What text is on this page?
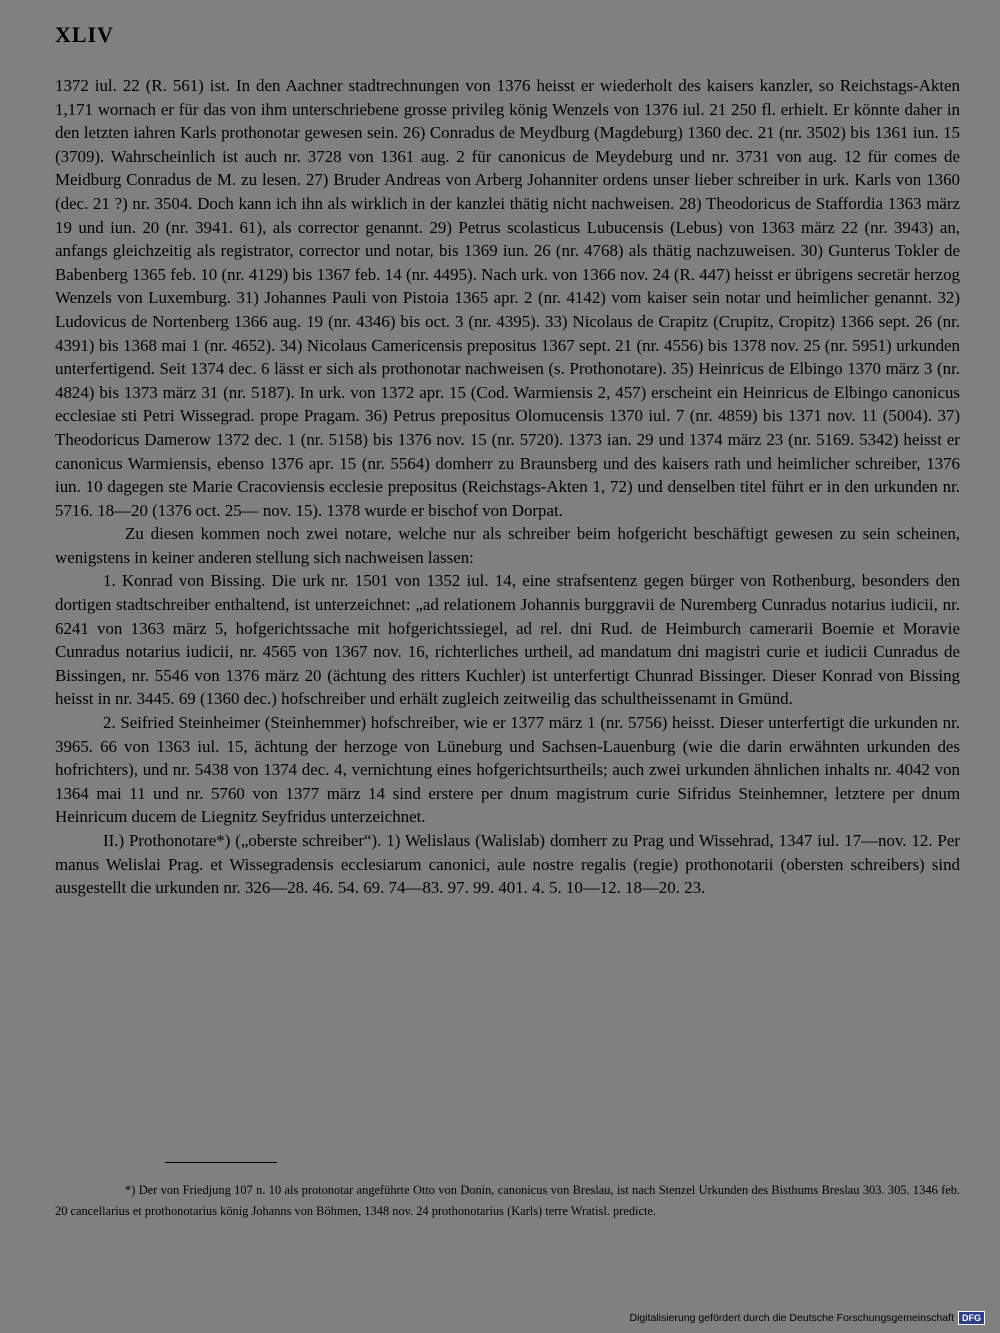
XLIV

1372 iul. 22 (R. 561) ist. In den Aachner stadtrechnungen von 1376 heisst er wiederholt des kaisers kanzler, so Reichstags-Akten 1,171 wornach er für das von ihm unterschriebene grosse privileg könig Wenzels von 1376 iul. 21 250 fl. erhielt. Er könnte daher in den letzten iahren Karls prothonotar gewesen sein. 26) Conradus de Meydburg (Magdeburg) 1360 dec. 21 (nr. 3502) bis 1361 iun. 15 (3709). Wahrscheinlich ist auch nr. 3728 von 1361 aug. 2 für canonicus de Meydeburg und nr. 3731 von aug. 12 für comes de Meidburg Conradus de M. zu lesen. 27) Bruder Andreas von Arberg Johanniter ordens unser lieber schreiber in urk. Karls von 1360 (dec. 21 ?) nr. 3504. Doch kann ich ihn als wirklich in der kanzlei thätig nicht nachweisen. 28) Theodoricus de Staffordia 1363 märz 19 und iun. 20 (nr. 3941. 61), als corrector genannt. 29) Petrus scolasticus Lubucensis (Lebus) von 1363 märz 22 (nr. 3943) an, anfangs gleichzeitig als registrator, corrector und notar, bis 1369 iun. 26 (nr. 4768) als thätig nachzuweisen. 30) Gunterus Tokler de Babenberg 1365 feb. 10 (nr. 4129) bis 1367 feb. 14 (nr. 4495). Nach urk. von 1366 nov. 24 (R. 447) heisst er übrigens secretär herzog Wenzels von Luxemburg. 31) Johannes Pauli von Pistoia 1365 apr. 2 (nr. 4142) vom kaiser sein notar und heimlicher genannt. 32) Ludovicus de Nortenberg 1366 aug. 19 (nr. 4346) bis oct. 3 (nr. 4395). 33) Nicolaus de Crapitz (Crupitz, Cropitz) 1366 sept. 26 (nr. 4391) bis 1368 mai 1 (nr. 4652). 34) Nicolaus Camericensis prepositus 1367 sept. 21 (nr. 4556) bis 1378 nov. 25 (nr. 5951) urkunden unterfertigend. Seit 1374 dec. 6 lässt er sich als prothonotar nachweisen (s. Prothonotare). 35) Heinricus de Elbingo 1370 märz 3 (nr. 4824) bis 1373 märz 31 (nr. 5187). In urk. von 1372 apr. 15 (Cod. Warmiensis 2, 457) erscheint ein Heinricus de Elbingo canonicus ecclesiae sti Petri Wissegrad. prope Pragam. 36) Petrus prepositus Olomucensis 1370 iul. 7 (nr. 4859) bis 1371 nov. 11 (5004). 37) Theodoricus Damerow 1372 dec. 1 (nr. 5158) bis 1376 nov. 15 (nr. 5720). 1373 ian. 29 und 1374 märz 23 (nr. 5169. 5342) heisst er canonicus Warmiensis, ebenso 1376 apr. 15 (nr. 5564) domherr zu Braunsberg und des kaisers rath und heimlicher schreiber, 1376 iun. 10 dagegen ste Marie Cracoviensis ecclesie prepositus (Reichstags-Akten 1, 72) und denselben titel führt er in den urkunden nr. 5716. 18—20 (1376 oct. 25— nov. 15). 1378 wurde er bischof von Dorpat.

Zu diesen kommen noch zwei notare, welche nur als schreiber beim hofgericht beschäftigt gewesen zu sein scheinen, wenigstens in keiner anderen stellung sich nachweisen lassen:

1. Konrad von Bissing. Die urk nr. 1501 von 1352 iul. 14, eine strafsentenz gegen bürger von Rothenburg, besonders den dortigen stadtschreiber enthaltend, ist unterzeichnet: „ad relationem Johannis burggravii de Nuremberg Cunradus notarius iudicii, nr. 6241 von 1363 märz 5, hofgerichtssache mit hofgerichtssiegel, ad rel. dni Rud. de Heimburch camerarii Boemie et Moravie Cunradus notarius iudicii, nr. 4565 von 1367 nov. 16, richterliches urtheil, ad mandatum dni magistri curie et iudicii Cunradus de Bissingen, nr. 5546 von 1376 märz 20 (ächtung des ritters Kuchler) ist unterfertigt Chunrad Bissinger. Dieser Konrad von Bissing heisst in nr. 3445. 69 (1360 dec.) hofschreiber und erhält zugleich zeitweilig das schultheissenamt in Gmünd.

2. Seifried Steinheimer (Steinhemmer) hofschreiber, wie er 1377 märz 1 (nr. 5756) heisst. Dieser unterfertigt die urkunden nr. 3965. 66 von 1363 iul. 15, ächtung der herzoge von Lüneburg und Sachsen-Lauenburg (wie die darin erwähnten urkunden des hofrichters), und nr. 5438 von 1374 dec. 4, vernichtung eines hofgerichtsurtheils; auch zwei urkunden ähnlichen inhalts nr. 4042 von 1364 mai 11 und nr. 5760 von 1377 märz 14 sind erstere per dnum magistrum curie Sifridus Steinhemner, letztere per dnum Heinricum ducem de Liegnitz Seyfridus unterzeichnet.

II.) Prothonotare*) („oberste schreiber“). 1) Welislaus (Walislab) domherr zu Prag und Wissehrad, 1347 iul. 17—nov. 12. Per manus Welislai Prag. et Wissegradensis ecclesiarum canonici, aule nostre regalis (regie) prothonotarii (obersten schreibers) sind ausgestellt die urkunden nr. 326—28. 46. 54. 69. 74—83. 97. 99. 401. 4. 5. 10—12. 18—20. 23.

*) Der von Friedjung 107 n. 10 als protonotar angeführte Otto von Donin, canonicus von Breslau, ist nach Stenzel Urkunden des Bisthums Breslau 303. 305. 1346 feb. 20 cancellarius et prothonotarius könig Johanns von Böhmen, 1348 nov. 24 prothonotarius (Karls) terre Wratisl. predicte.

Digitalisierung gefördert durch die Deutsche Forschungsgemeinschaft DFG
